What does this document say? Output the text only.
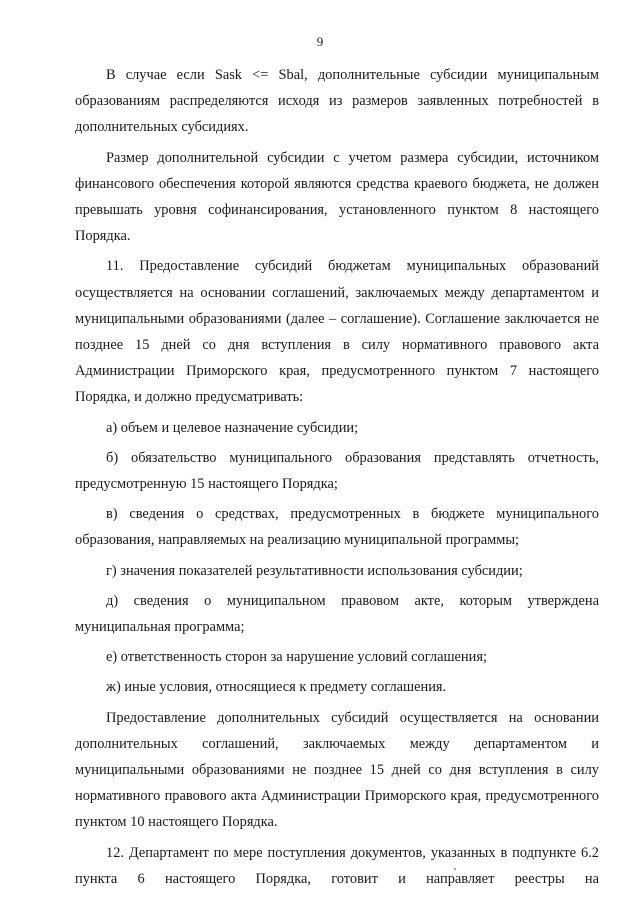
9

В случае если Sask <= Sbal, дополнительные субсидии муниципальным образованиям распределяются исходя из размеров заявленных потребностей в дополнительных субсидиях.

Размер дополнительной субсидии с учетом размера субсидии, источником финансового обеспечения которой являются средства краевого бюджета, не должен превышать уровня софинансирования, установленного пунктом 8 настоящего Порядка.

11. Предоставление субсидий бюджетам муниципальных образований осуществляется на основании соглашений, заключаемых между департаментом и муниципальными образованиями (далее – соглашение). Соглашение заключается не позднее 15 дней со дня вступления в силу нормативного правового акта Администрации Приморского края, предусмотренного пунктом 7 настоящего Порядка, и должно предусматривать:

а) объем и целевое назначение субсидии;

б) обязательство муниципального образования представлять отчетность, предусмотренную 15 настоящего Порядка;

в) сведения о средствах, предусмотренных в бюджете муниципального образования, направляемых на реализацию муниципальной программы;

г) значения показателей результативности использования субсидии;

д) сведения о муниципальном правовом акте, которым утверждена муниципальная программа;

е) ответственность сторон за нарушение условий соглашения;

ж) иные условия, относящиеся к предмету соглашения.

Предоставление дополнительных субсидий осуществляется на основании дополнительных соглашений, заключаемых между департаментом и муниципальными образованиями не позднее 15 дней со дня вступления в силу нормативного правового акта Администрации Приморского края, предусмотренного пунктом 10 настоящего Порядка.

12. Департамент по мере поступления документов, указанных в подпункте 6.2 пункта 6 настоящего Порядка, готовит и направляет реестры на
